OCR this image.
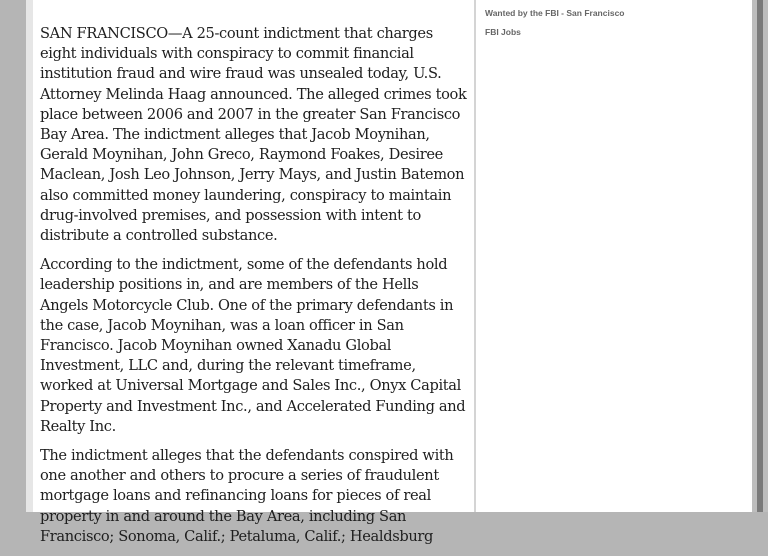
SAN FRANCISCO—A 25-count indictment that charges eight individuals with conspiracy to commit financial institution fraud and wire fraud was unsealed today, U.S. Attorney Melinda Haag announced. The alleged crimes took place between 2006 and 2007 in the greater San Francisco Bay Area. The indictment alleges that Jacob Moynihan, Gerald Moynihan, John Greco, Raymond Foakes, Desiree Maclean, Josh Leo Johnson, Jerry Mays, and Justin Batemon also committed money laundering, conspiracy to maintain drug-involved premises, and possession with intent to distribute a controlled substance.

According to the indictment, some of the defendants hold leadership positions in, and are members of the Hells Angels Motorcycle Club. One of the primary defendants in the case, Jacob Moynihan, was a loan officer in San Francisco. Jacob Moynihan owned Xanadu Global Investment, LLC and, during the relevant timeframe, worked at Universal Mortgage and Sales Inc., Onyx Capital Property and Investment Inc., and Accelerated Funding and Realty Inc.

The indictment alleges that the defendants conspired with one another and others to procure a series of fraudulent mortgage loans and refinancing loans for pieces of real property in and around the Bay Area, including San Francisco; Sonoma, Calif.; Petaluma, Calif.; Healdsburg

Wanted by the FBI - San Francisco
FBI Jobs
